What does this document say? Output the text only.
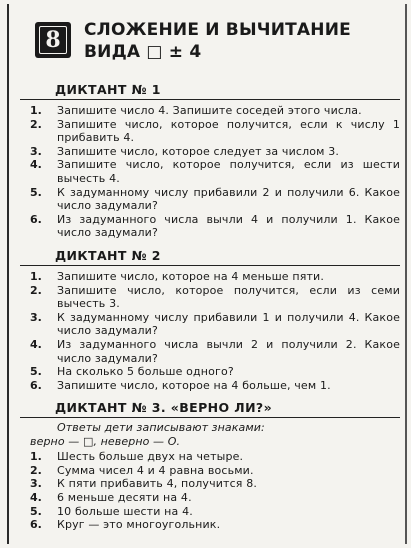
8	СЛОЖЕНИЕ И ВЫЧИТАНИЕ
ВИДА □ ± 4
ДИКТАНТ № 1
1.	Запишите число 4. Запишите соседей этого числа.
2.	Запишите число, которое получится, если к числу 1 прибавить 4.
3.	Запишите число, которое следует за числом 3.
4.	Запишите число, которое получится, если из шести вычесть 4.
5.	К задуманному числу прибавили 2 и получили 6. Какое число задумали?
6.	Из задуманного числа вычли 4 и получили 1. Какое число задумали?
ДИКТАНТ № 2
1.	Запишите число, которое на 4 меньше пяти.
2.	Запишите число, которое получится, если из семи вычесть 3.
3.	К задуманному числу прибавили 1 и получили 4. Какое число задумали?
4.	Из задуманного числа вычли 2 и получили 2. Какое число задумали?
5.	На сколько 5 больше одного?
6.	Запишите число, которое на 4 больше, чем 1.
ДИКТАНТ № 3. «ВЕРНО ЛИ?»
Ответы дети записывают знаками:
верно — □, неверно — О.
1.	Шесть больше двух на четыре.
2.	Сумма чисел 4 и 4 равна восьми.
3.	К пяти прибавить 4, получится 8.
4.	6 меньше десяти на 4.
5.	10 больше шести на 4.
6.	Круг — это многоугольник.
